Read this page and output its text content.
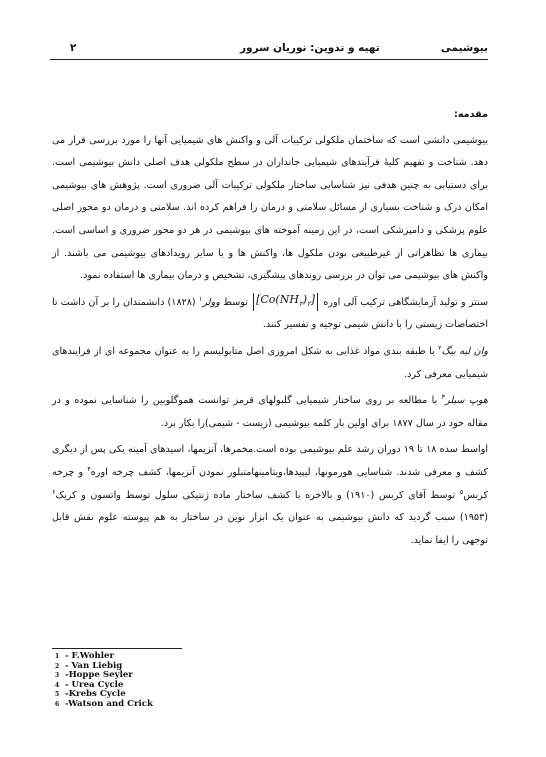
۲	تهیه و تدوین: نوریان سرور	بیوشیمی

مقدمه:

بیوشیمی دانشی است که ساختمان ملکولی ترکیبات آلی و واکنش های شیمیایی آنها را مورد بررسی قرار می دهد. شناخت و تفهیم کلیهٔ فرآیندهای شیمیایی جانداران در سطح ملکولی هدف اصلی دانش بیوشیمی است. برای دستیابی به چنین هدفی نیز شناسایی ساختار ملکولی ترکیبات آلی ضروری است. پژوهش های بیوشیمی امکان درک و شناخت بسیاری از مسائل سلامتی و درمان را فراهم کرده اند. سلامتی و درمان دو محور اصلی علوم پزشکی و دامپزشکی است، در این زمینه آموخته های بیوشیمی در هر دو محور ضروری و اساسی است. بیماری ها تظاهراتی از غیرطبیعی بودن ملکول ها، واکنش ها و یا سایر رویدادهای بیوشیمی می باشند. از واکنش های بیوشیمی می توان در بررسی روندهای پیشگیری، تشخیص و درمان بیماری ها استفاده نمود.

سنتز و تولید آزمایشگاهی ترکیب آلی اوره $[Co(NH_۲)_۲]$ توسط وولر$^۱$ (۱۸۲۸) دانشمندان را بر آن داشت تا اختصاصات زیستی را با دانش شیمی توجیه و تفسیر کنند.

وان لیه بیگ$^۲$ با طبقه بندی مواد غذایی به شکل امروزی اصل متابولیسم را به عنوان مجموعه ای از فرایندهای شیمیایی معرفی کرد.

هوپ سیلر$^۳$ با مطالعه بر روی ساختار شیمیایی گلبولهای قرمز توانست هموگلوبین را شناسایی نموده و در مقاله خود در سال ۱۸۷۷ برای اولین بار کلمه بیوشیمی (زیست - شیمی)را بکار برد.

اواسط سده ۱۸ تا ۱۹ دوران رشد علم بیوشیمی بوده است.مخمرها، آنزیمها، اسیدهای آمینه یکی پس از دیگری کشف و معرفی شدند. شناسایی هورمونها، لیپیدها،ویتامینهامتبلور نمودن آنزیمها، کشف چرخه اوره$^۴$ و چرخه کربس$^۵$ توسط آقای کربس (۱۹۱۰) و بالاخره با کشف ساختار ماده ژنتیکی سلول توسط واتسون و کریک$^۶$ (۱۹۵۳) سبب گردید که دانش بیوشیمی به عنوان یک ابزار نوین در ساختار به هم پیوسته علوم نقش قابل توجهی را ایفا نماید.

1 - F.Wohler
2 - Van Liebig
3 -Hoppe Seyler
4 - Urea Cycle
5 -Krebs Cycle
6 -Watson and Crick
